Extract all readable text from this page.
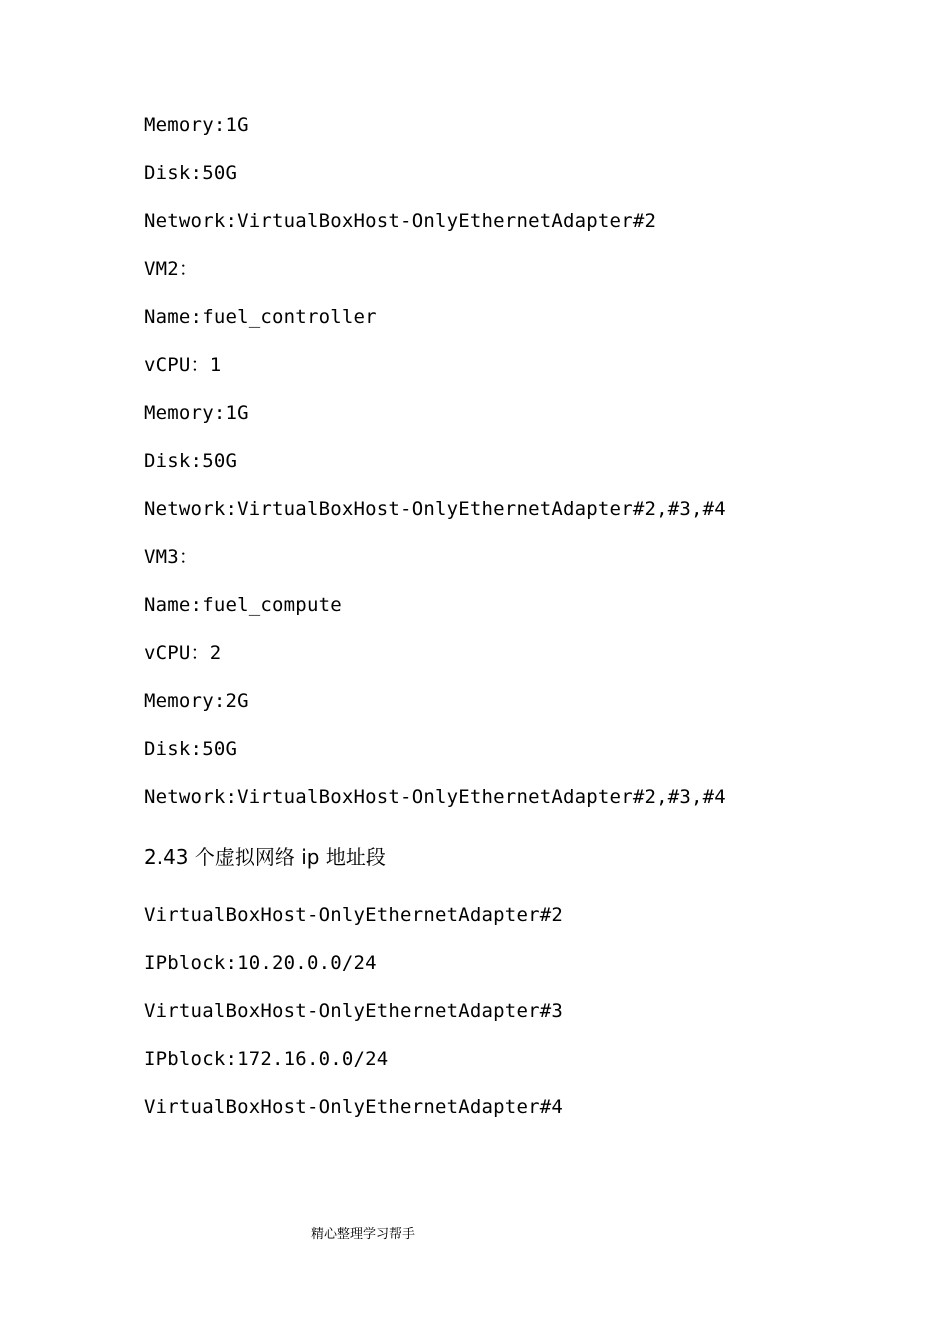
Memory:1G
Disk:50G
Network:VirtualBoxHost-OnlyEthernetAdapter#2
VM2：
Name:fuel_controller
vCPU：1
Memory:1G
Disk:50G
Network:VirtualBoxHost-OnlyEthernetAdapter#2,#3,#4
VM3：
Name:fuel_compute
vCPU：2
Memory:2G
Disk:50G
Network:VirtualBoxHost-OnlyEthernetAdapter#2,#3,#4
2.43 个虚拟网络 ip 地址段
VirtualBoxHost-OnlyEthernetAdapter#2
IPblock:10.20.0.0/24
VirtualBoxHost-OnlyEthernetAdapter#3
IPblock:172.16.0.0/24
VirtualBoxHost-OnlyEthernetAdapter#4
精心整理学习帮手
